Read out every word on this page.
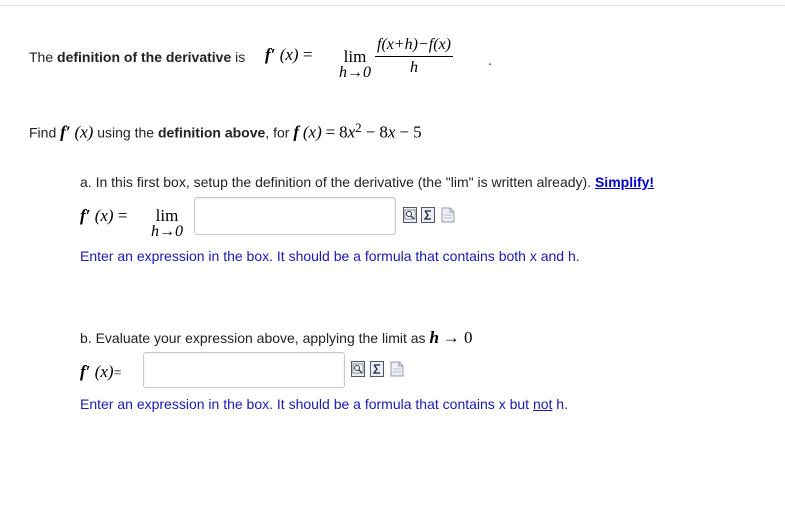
The definition of the derivative is f′ (x) =	lim
$h\to 0 \frac{f(x+h)-f(x)}{h}$	.
Find f′ (x) using the definition above, for f $(x) = 8x^2 - 8x - 5$
a. In this first box, setup the definition of the derivative (the "lim" is written already). Simplify!
f′ (x) =	lim
h→0
Enter an expression in the box. It should be a formula that contains both x and h.
b. Evaluate your expression above, applying the limit as h → 0
f′ (x)=
Enter an expression in the box. It should be a formula that contains x but not h.
